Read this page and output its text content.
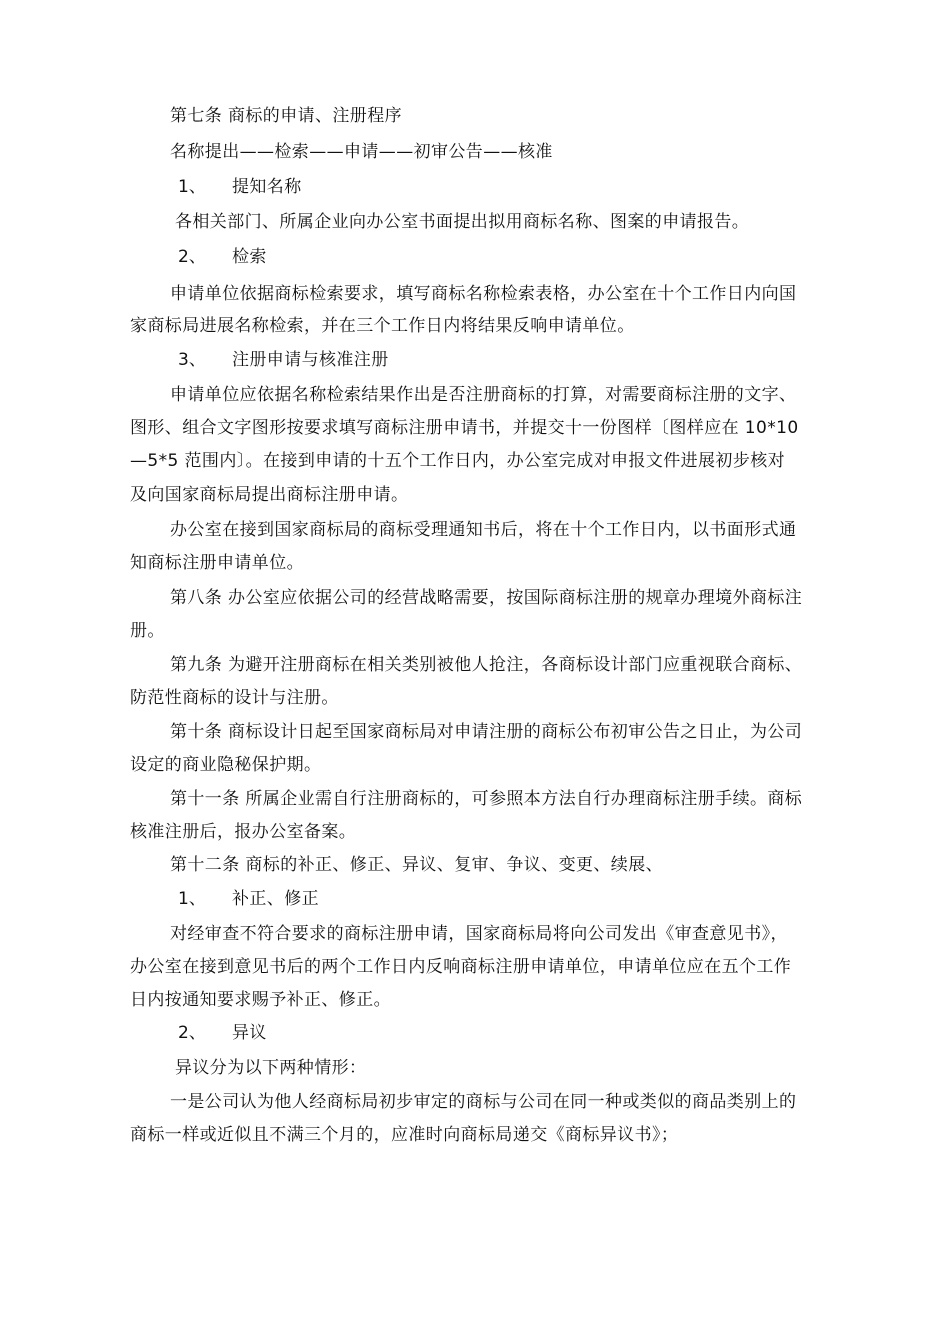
第七条 商标的申请、注册程序
名称提出——检索——申请——初审公告——核准
1、 提知名称
各相关部门、所属企业向办公室书面提出拟用商标名称、图案的申请报告。
2、 检索
申请单位依据商标检索要求，填写商标名称检索表格，办公室在十个工作日内向国
家商标局进展名称检索，并在三个工作日内将结果反响申请单位。
3、 注册申请与核准注册
申请单位应依据名称检索结果作出是否注册商标的打算，对需要商标注册的文字、
图形、组合文字图形按要求填写商标注册申请书，并提交十一份图样〔图样应在 10*10
—5*5 范围内〕。在接到申请的十五个工作日内，办公室完成对申报文件进展初步核对
及向国家商标局提出商标注册申请。
办公室在接到国家商标局的商标受理通知书后，将在十个工作日内，以书面形式通
知商标注册申请单位。
第八条 办公室应依据公司的经营战略需要，按国际商标注册的规章办理境外商标注
册。
第九条 为避开注册商标在相关类别被他人抢注，各商标设计部门应重视联合商标、
防范性商标的设计与注册。
第十条 商标设计日起至国家商标局对申请注册的商标公布初审公告之日止，为公司
设定的商业隐秘保护期。
第十一条 所属企业需自行注册商标的，可参照本方法自行办理商标注册手续。商标
核准注册后，报办公室备案。
第十二条 商标的补正、修正、异议、复审、争议、变更、续展、
1、 补正、修正
对经审查不符合要求的商标注册申请，国家商标局将向公司发出《审查意见书》，
办公室在接到意见书后的两个工作日内反响商标注册申请单位，申请单位应在五个工作
日内按通知要求赐予补正、修正。
2、 异议
异议分为以下两种情形：
一是公司认为他人经商标局初步审定的商标与公司在同一种或类似的商品类别上的
商标一样或近似且不满三个月的，应准时向商标局递交《商标异议书》；
